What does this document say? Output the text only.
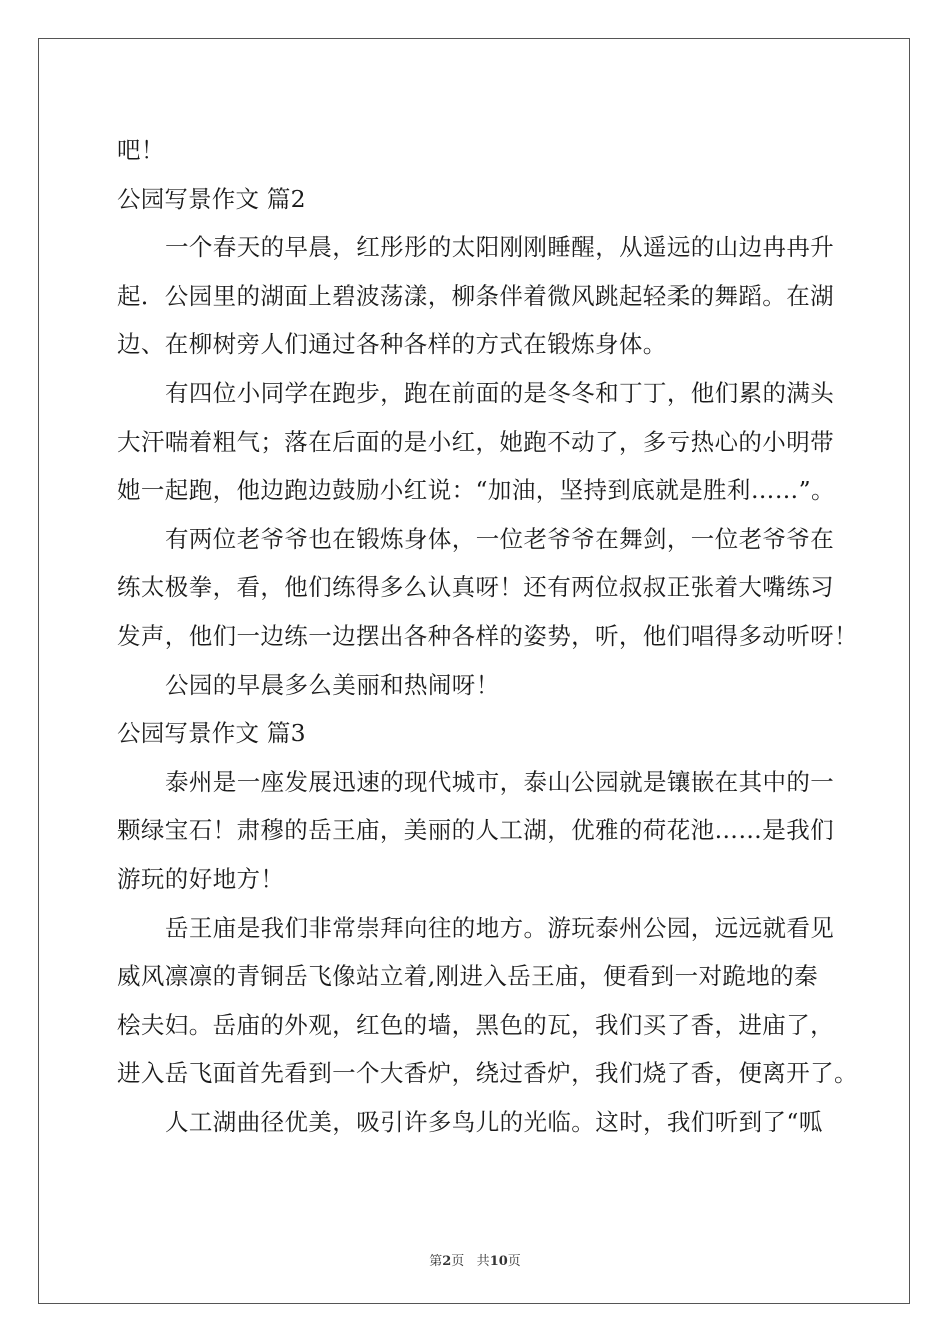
吧！
公园写景作文 篇2
一个春天的早晨，红彤彤的太阳刚刚睡醒，从遥远的山边冉冉升
起．公园里的湖面上碧波荡漾，柳条伴着微风跳起轻柔的舞蹈。在湖
边、在柳树旁人们通过各种各样的方式在锻炼身体。
有四位小同学在跑步，跑在前面的是冬冬和丁丁，他们累的满头
大汗喘着粗气；落在后面的是小红，她跑不动了，多亏热心的小明带
她一起跑，他边跑边鼓励小红说：“加油，坚持到底就是胜利……”。
有两位老爷爷也在锻炼身体，一位老爷爷在舞剑，一位老爷爷在
练太极拳，看，他们练得多么认真呀！还有两位叔叔正张着大嘴练习
发声，他们一边练一边摆出各种各样的姿势，听，他们唱得多动听呀！
公园的早晨多么美丽和热闹呀！
公园写景作文 篇3
泰州是一座发展迅速的现代城市，泰山公园就是镶嵌在其中的一
颗绿宝石！肃穆的岳王庙，美丽的人工湖，优雅的荷花池……是我们
游玩的好地方！
岳王庙是我们非常崇拜向往的地方。游玩泰州公园，远远就看见
威风凛凛的青铜岳飞像站立着,刚进入岳王庙，便看到一对跪地的秦
桧夫妇。岳庙的外观，红色的墙，黑色的瓦，我们买了香，进庙了，
进入岳飞面首先看到一个大香炉，绕过香炉，我们烧了香，便离开了。
人工湖曲径优美，吸引许多鸟儿的光临。这时，我们听到了“呱
第2页 共10页
